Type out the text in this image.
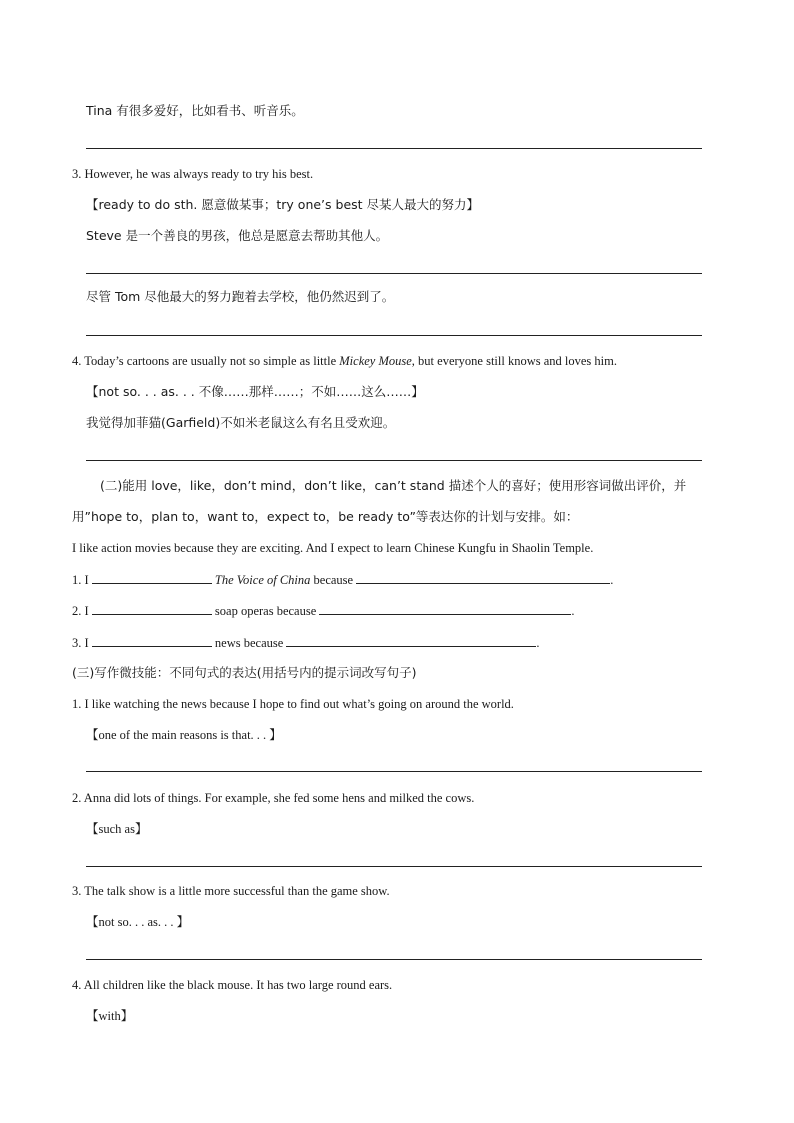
Tina 有很多爱好，比如看书、听音乐。
3. However, he was always ready to try his best.
【ready to do sth. 愿意做某事；try one’s best 尽某人最大的努力】
Steve 是一个善良的男孩，他总是愿意去帮助其他人。
尽管 Tom 尽他最大的努力跑着去学校，他仍然迟到了。
4. Today’s cartoons are usually not so simple as little Mickey Mouse, but everyone still knows and loves him.
【not so. . . as. . . 不像……那样……；不如……这么……】
我觉得加菲猫(Garfield)不如米老鼠这么有名且受欢迎。
(二)能用 love，like，don’t mind，don’t like，can’t stand 描述个人的喜好；使用形容词做出评价，并
用”hope to，plan to，want to，expect to，be ready to”等表达你的计划与安排。如：
I like action movies because they are exciting. And I expect to learn Chinese Kungfu in Shaolin Temple.
1. I	The Voice of China because	.
2. I	soap operas because	.
3. I	news because	.
(三)写作微技能：不同句式的表达(用括号内的提示词改写句子)
1. I like watching the news because I hope to find out what’s going on around the world.
【one of the main reasons is that. . . 】
2. Anna did lots of things. For example, she fed some hens and milked the cows.
【such as】
3. The talk show is a little more successful than the game show.
【not so. . . as. . . 】
4. All children like the black mouse. It has two large round ears.
【with】
